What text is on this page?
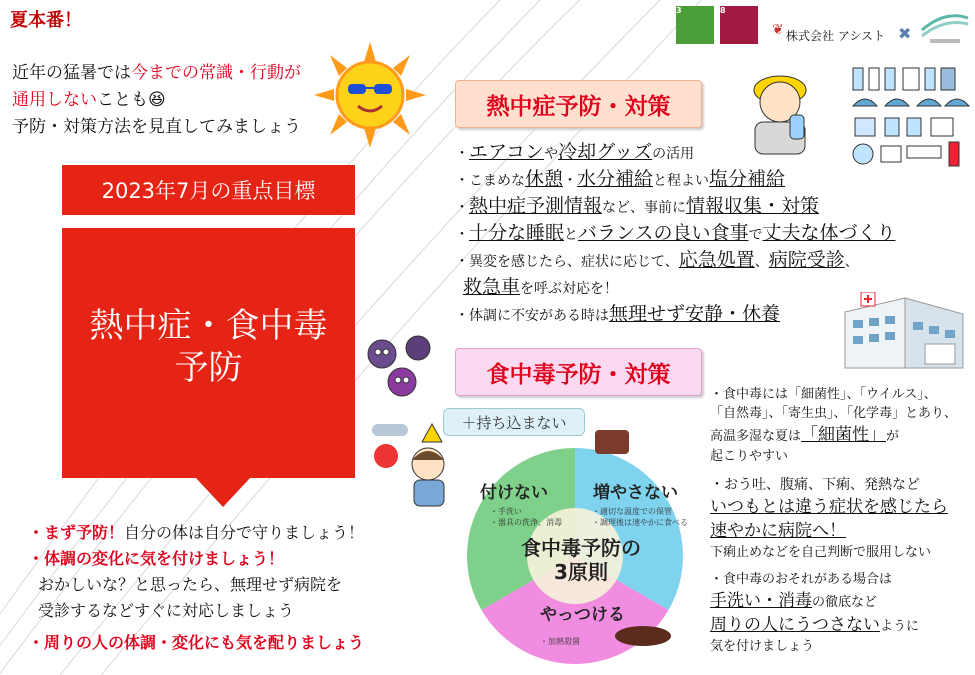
夏本番！
近年の猛暑では今までの常識・行動が
通用しないことも😆
予防・対策方法を見直してみましょう
3	8
❦ 株式会社 アシスト ✖
2023年7月の重点目標
熱中症・食中毒
予防
・まず予防！自分の体は自分で守りましょう！
・体調の変化に気を付けましょう！
おかしいな？と思ったら、無理せず病院を
受診するなどすぐに対応しましょう
・周りの人の体調・変化にも気を配りましょう
熱中症予防・対策
・エアコンや冷却グッズの活用
・こまめな休憩・水分補給と程よい塩分補給
・熱中症予測情報など、事前に情報収集・対策
・十分な睡眠とバランスの良い食事で丈夫な体づくり
・異変を感じたら、症状に応じて、応急処置、病院受診、
救急車を呼ぶ対応を！
・体調に不安がある時は無理せず安静・休養
食中毒予防・対策
・食中毒には「細菌性」、「ウイルス」、
「自然毒」、「寄生虫」、「化学毒」とあり、
高温多湿な夏は「細菌性」が
起こりやすい
・おう吐、腹痛、下痢、発熱など
いつもとは違う症状を感じたら
速やかに病院へ！
下痢止めなどを自己判断で服用しない
・食中毒のおそれがある場合は
手洗い・消毒の徹底など
周りの人にうつさないように
気を付けましょう
＋持ち込まない
付けない
・手洗い
・器具の洗浄、消毒
増やさない
・適切な温度での保管
・調理後は速やかに食べる
やっつける
・加熱殺菌
食中毒予防の
3原則
